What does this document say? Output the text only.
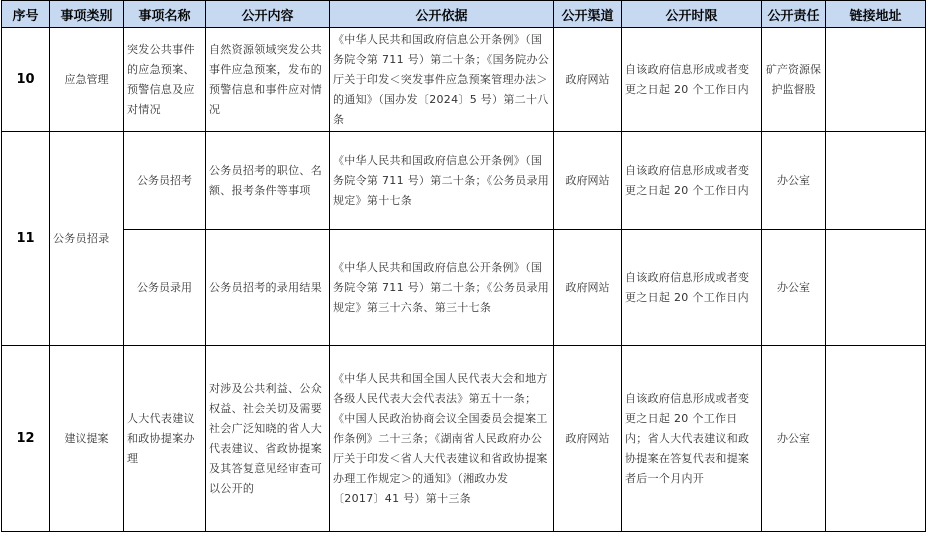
序号	事项类别	事项名称	公开内容	公开依据	公开渠道	公开时限	公开责任	链接地址
10	应急管理	突发公共事件的应急预案、预警信息及应对情况	自然资源领域突发公共事件应急预案，发布的预警信息和事件应对情况	《中华人民共和国政府信息公开条例》（国务院令第 711 号）第二十条；《国务院办公厅关于印发＜突发事件应急预案管理办法＞的通知》（国办发〔2024〕5 号）第二十八条	政府网站	自该政府信息形成或者变更之日起 20 个工作日内	矿产资源保护监督股	
11	公务员招录	公务员招考	公务员招考的职位、名额、报考条件等事项	《中华人民共和国政府信息公开条例》（国务院令第 711 号）第二十条；《公务员录用规定》第十七条	政府网站	自该政府信息形成或者变更之日起 20 个工作日内	办公室	
		公务员录用	公务员招考的录用结果	《中华人民共和国政府信息公开条例》（国务院令第 711 号）第二十条；《公务员录用规定》第三十六条、第三十七条	政府网站	自该政府信息形成或者变更之日起 20 个工作日内	办公室	
12	建议提案	人大代表建议和政协提案办理	对涉及公共利益、公众权益、社会关切及需要社会广泛知晓的省人大代表建议、省政协提案及其答复意见经审查可以公开的	《中华人民共和国全国人民代表大会和地方各级人民代表大会代表法》第五十一条；《中国人民政治协商会议全国委员会提案工作条例》二十三条；《湖南省人民政府办公厅关于印发＜省人大代表建议和省政协提案办理工作规定＞的通知》（湘政办发〔2017〕41 号）第十三条	政府网站	自该政府信息形成或者变更之日起 20 个工作日内；省人大代表建议和政协提案在答复代表和提案者后一个月内开	办公室	
